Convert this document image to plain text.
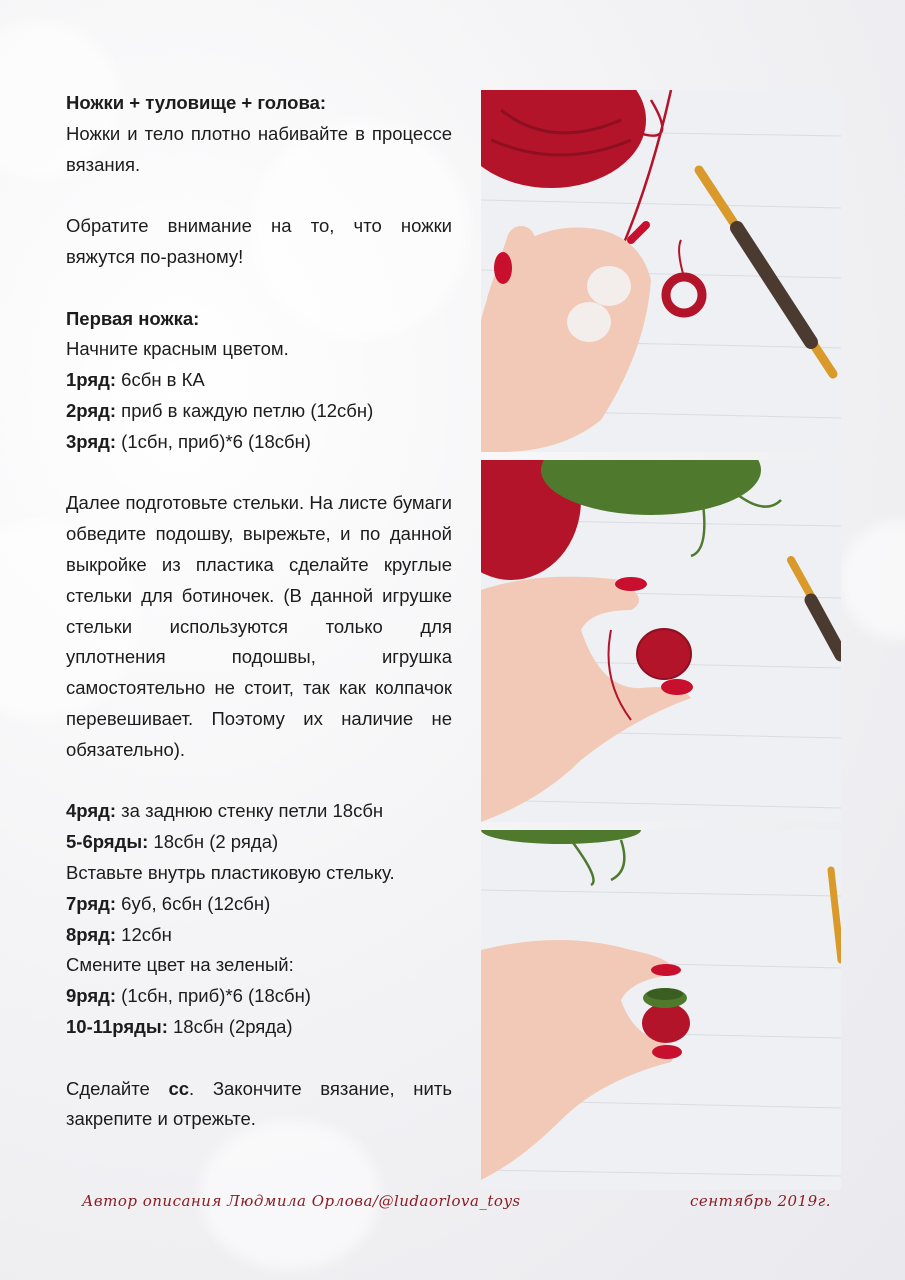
Ножки + туловище + голова:

Ножки и тело плотно набивайте в процессе вязания.

Обратите внимание на то, что ножки вяжутся по-разному!

Первая ножка:

Начните красным цветом.

1ряд: 6сбн в КА

2ряд: приб в каждую петлю (12сбн)

3ряд: (1сбн, приб)*6 (18сбн)

Далее подготовьте стельки. На листе бумаги обведите подошву, вырежьте, и по данной выкройке из пластика сделайте круглые стельки для ботиночек. (В данной игрушке стельки используются только для уплотнения подошвы, игрушка самостоятельно не стоит, так как колпачок перевешивает. Поэтому их наличие не обязательно).

4ряд: за заднюю стенку петли 18сбн

5-6ряды: 18сбн (2 ряда)

Вставьте внутрь пластиковую стельку.

7ряд: 6уб, 6сбн (12сбн)

8ряд: 12сбн

Смените цвет на зеленый:

9ряд: (1сбн, приб)*6 (18сбн)

10-11ряды: 18сбн (2ряда)

Сделайте сс. Закончите вязание, нить закрепите и отрежьте.

Автор описания Людмила Орлова/@ludaorlova_toys	сентябрь 2019г.
